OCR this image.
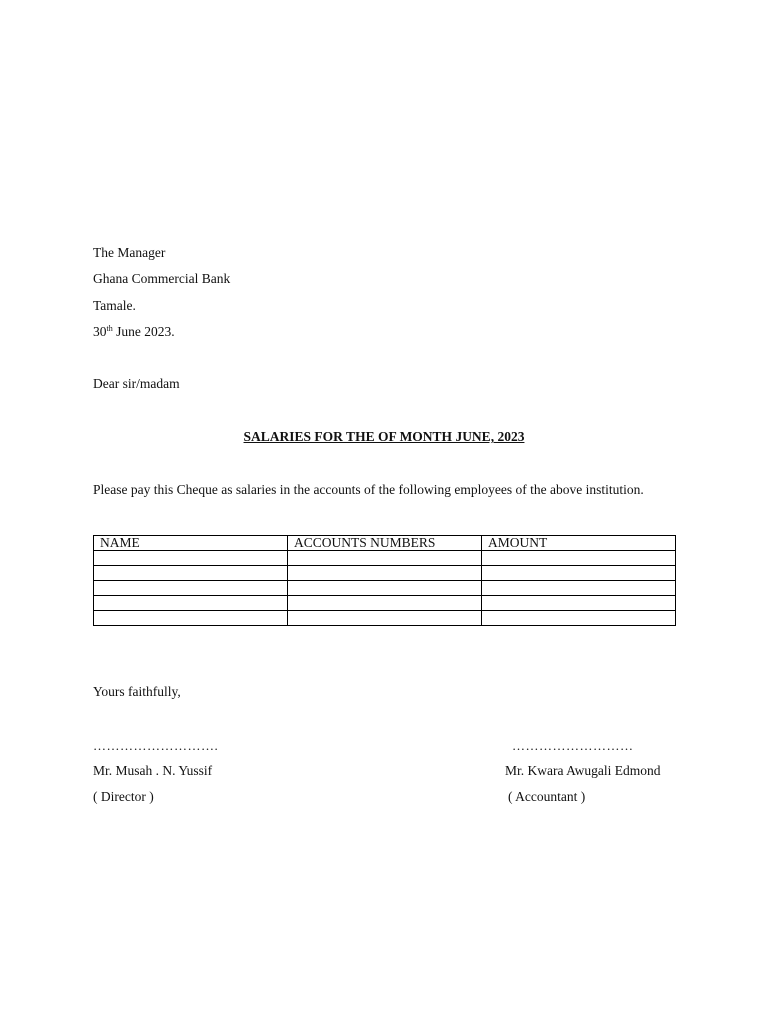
The Manager
Ghana Commercial Bank
Tamale.
30th June 2023.
Dear sir/madam
SALARIES FOR THE OF MONTH JUNE, 2023
Please pay this Cheque as salaries in the accounts of the following employees of the above institution.
NAME	ACCOUNTS NUMBERS	AMOUNT

Yours faithfully,
……………………….	………………………
Mr. Musah . N. Yussif	Mr. Kwara Awugali Edmond
( Director )	( Accountant )
